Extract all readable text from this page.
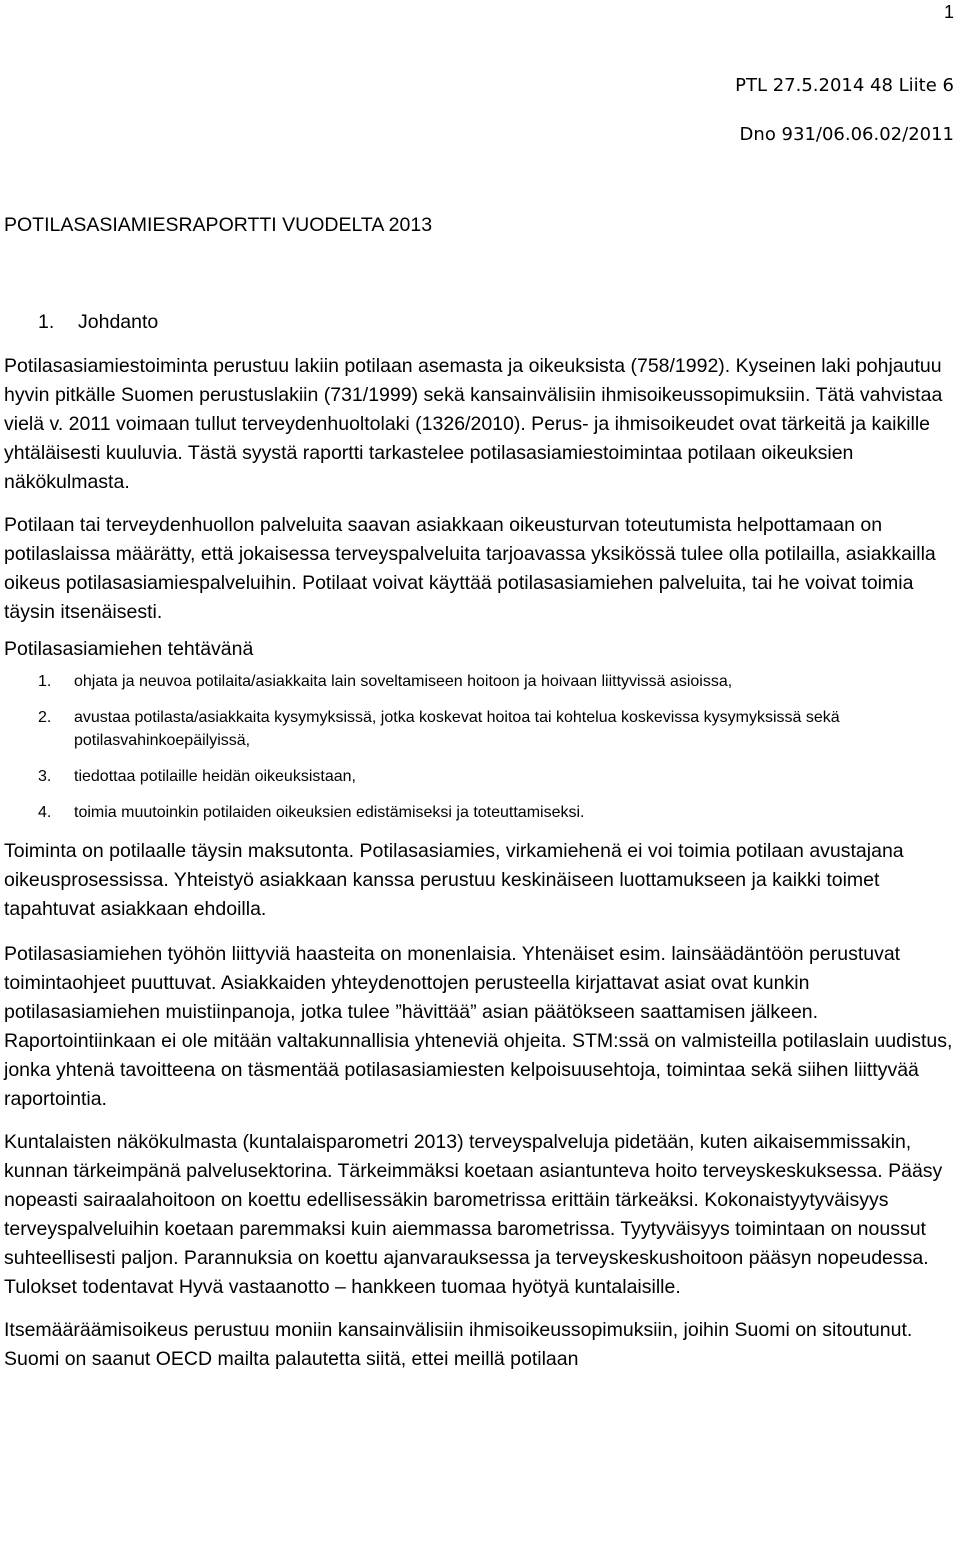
1
PTL 27.5.2014 48 Liite 6
Dno 931/06.06.02/2011
POTILASASIAMIESRAPORTTI VUODELTA 2013
1. Johdanto

Potilasasiamiestoiminta perustuu lakiin potilaan asemasta ja oikeuksista (758/1992). Kyseinen laki pohjautuu hyvin pitkälle Suomen perustuslakiin (731/1999) sekä kansainvälisiin ihmisoikeussopimuksiin. Tätä vahvistaa vielä v. 2011 voimaan tullut terveydenhuoltolaki (1326/2010). Perus- ja ihmisoikeudet ovat tärkeitä ja kaikille yhtäläisesti kuuluvia. Tästä syystä raportti tarkastelee potilasasiamiestoimintaa potilaan oikeuksien näkökulmasta.

Potilaan tai terveydenhuollon palveluita saavan asiakkaan oikeusturvan toteutumista helpottamaan on potilaslaissa määrätty, että jokaisessa terveyspalveluita tarjoavassa yksikössä tulee olla potilailla, asiakkailla oikeus potilasasiamiespalveluihin. Potilaat voivat käyttää potilasasiamiehen palveluita, tai he voivat toimia täysin itsenäisesti.

Potilasasiamiehen tehtävänä

1.	ohjata ja neuvoa potilaita/asiakkaita lain soveltamiseen hoitoon ja hoivaan liittyvissä asioissa,
2.	avustaa potilasta/asiakkaita kysymyksissä, jotka koskevat hoitoa tai kohtelua koskevissa kysymyksissä sekä potilasvahinkoepäilyissä,
3.	tiedottaa potilaille heidän oikeuksistaan,
4.	toimia muutoinkin potilaiden oikeuksien edistämiseksi ja toteuttamiseksi.

Toiminta on potilaalle täysin maksutonta. Potilasasiamies, virkamiehenä ei voi toimia potilaan avustajana oikeusprosessissa. Yhteistyö asiakkaan kanssa perustuu keskinäiseen luottamukseen ja kaikki toimet tapahtuvat asiakkaan ehdoilla.

Potilasasiamiehen työhön liittyviä haasteita on monenlaisia. Yhtenäiset esim. lainsäädäntöön perustuvat toimintaohjeet puuttuvat. Asiakkaiden yhteydenottojen perusteella kirjattavat asiat ovat kunkin potilasasiamiehen muistiinpanoja, jotka tulee ”hävittää” asian päätökseen saattamisen jälkeen. Raportointiinkaan ei ole mitään valtakunnallisia yhteneviä ohjeita. STM:ssä on valmisteilla potilaslain uudistus, jonka yhtenä tavoitteena on täsmentää potilasasiamiesten kelpoisuusehtoja, toimintaa sekä siihen liittyvää raportointia.

Kuntalaisten näkökulmasta (kuntalaisparometri 2013) terveyspalveluja pidetään, kuten aikaisemmissakin, kunnan tärkeimpänä palvelusektorina. Tärkeimmäksi koetaan asiantunteva hoito terveyskeskuksessa. Pääsy nopeasti sairaalahoitoon on koettu edellisessäkin barometrissa erittäin tärkeäksi. Kokonaistyytyväisyys terveyspalveluihin koetaan paremmaksi kuin aiemmassa barometrissa. Tyytyväisyys toimintaan on noussut suhteellisesti paljon. Parannuksia on koettu ajanvarauksessa ja terveyskeskushoitoon pääsyn nopeudessa. Tulokset todentavat Hyvä vastaanotto – hankkeen tuomaa hyötyä kuntalaisille.

Itsemääräämisoikeus perustuu moniin kansainvälisiin ihmisoikeussopimuksiin, joihin Suomi on sitoutunut. Suomi on saanut OECD mailta palautetta siitä, ettei meillä potilaan
